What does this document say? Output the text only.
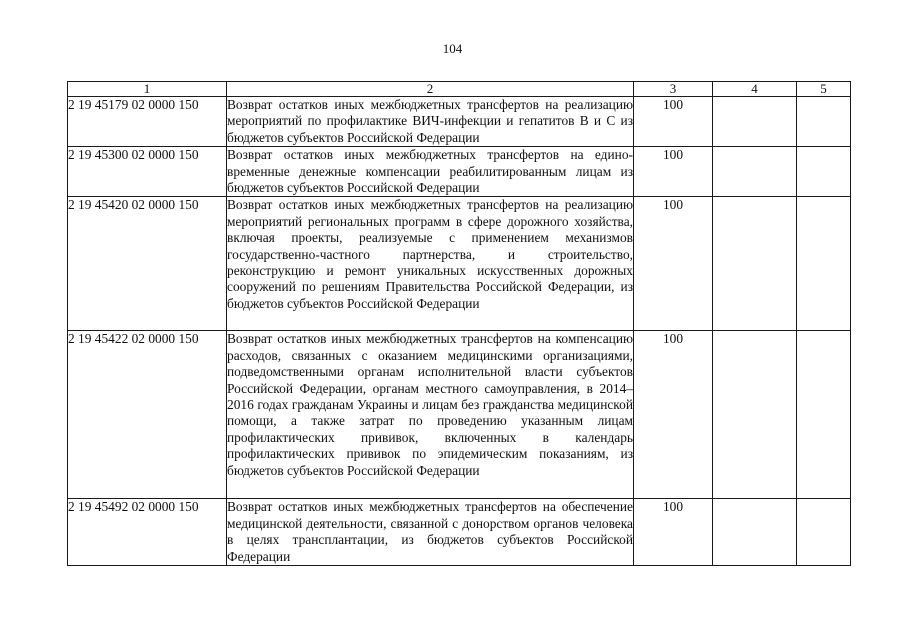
104
1	2	3	4	5
2 19 45179 02 0000 150	Возврат остатков иных межбюджетных трансфертов на реализацию мероприятий по профилактике ВИЧ-инфекции и гепатитов В и С из бюджетов субъектов Российской Федерации	100		
2 19 45300 02 0000 150	Возврат остатков иных межбюджетных трансфертов на единовременные денежные компенсации реабилитированным лицам из бюджетов субъектов Российской Федерации	100		
2 19 45420 02 0000 150	Возврат остатков иных межбюджетных трансфертов на реализацию мероприятий региональных программ в сфере дорожного хозяйства, включая проекты, реализуемые с применением механизмов государственно-частного партнерства, и строительство, реконструкцию и ремонт уникальных искусственных дорожных сооружений по решениям Правительства Российской Федерации, из бюджетов субъектов Российской Федерации	100		
2 19 45422 02 0000 150	Возврат остатков иных межбюджетных трансфертов на компенсацию расходов, связанных с оказанием медицинскими организациями, подведомственными органам исполнительной власти субъектов Российской Федерации, органам местного самоуправления, в 2014–2016 годах гражданам Украины и лицам без гражданства медицинской помощи, а также затрат по проведению указанным лицам профилактических прививок, включенных в календарь профилактических прививок по эпидемическим показаниям, из бюджетов субъектов Российской Федерации	100		
2 19 45492 02 0000 150	Возврат остатков иных межбюджетных трансфертов на обеспечение медицинской деятельности, связанной с донорством органов человека в целях трансплантации, из бюджетов субъектов Российской Федерации	100		
